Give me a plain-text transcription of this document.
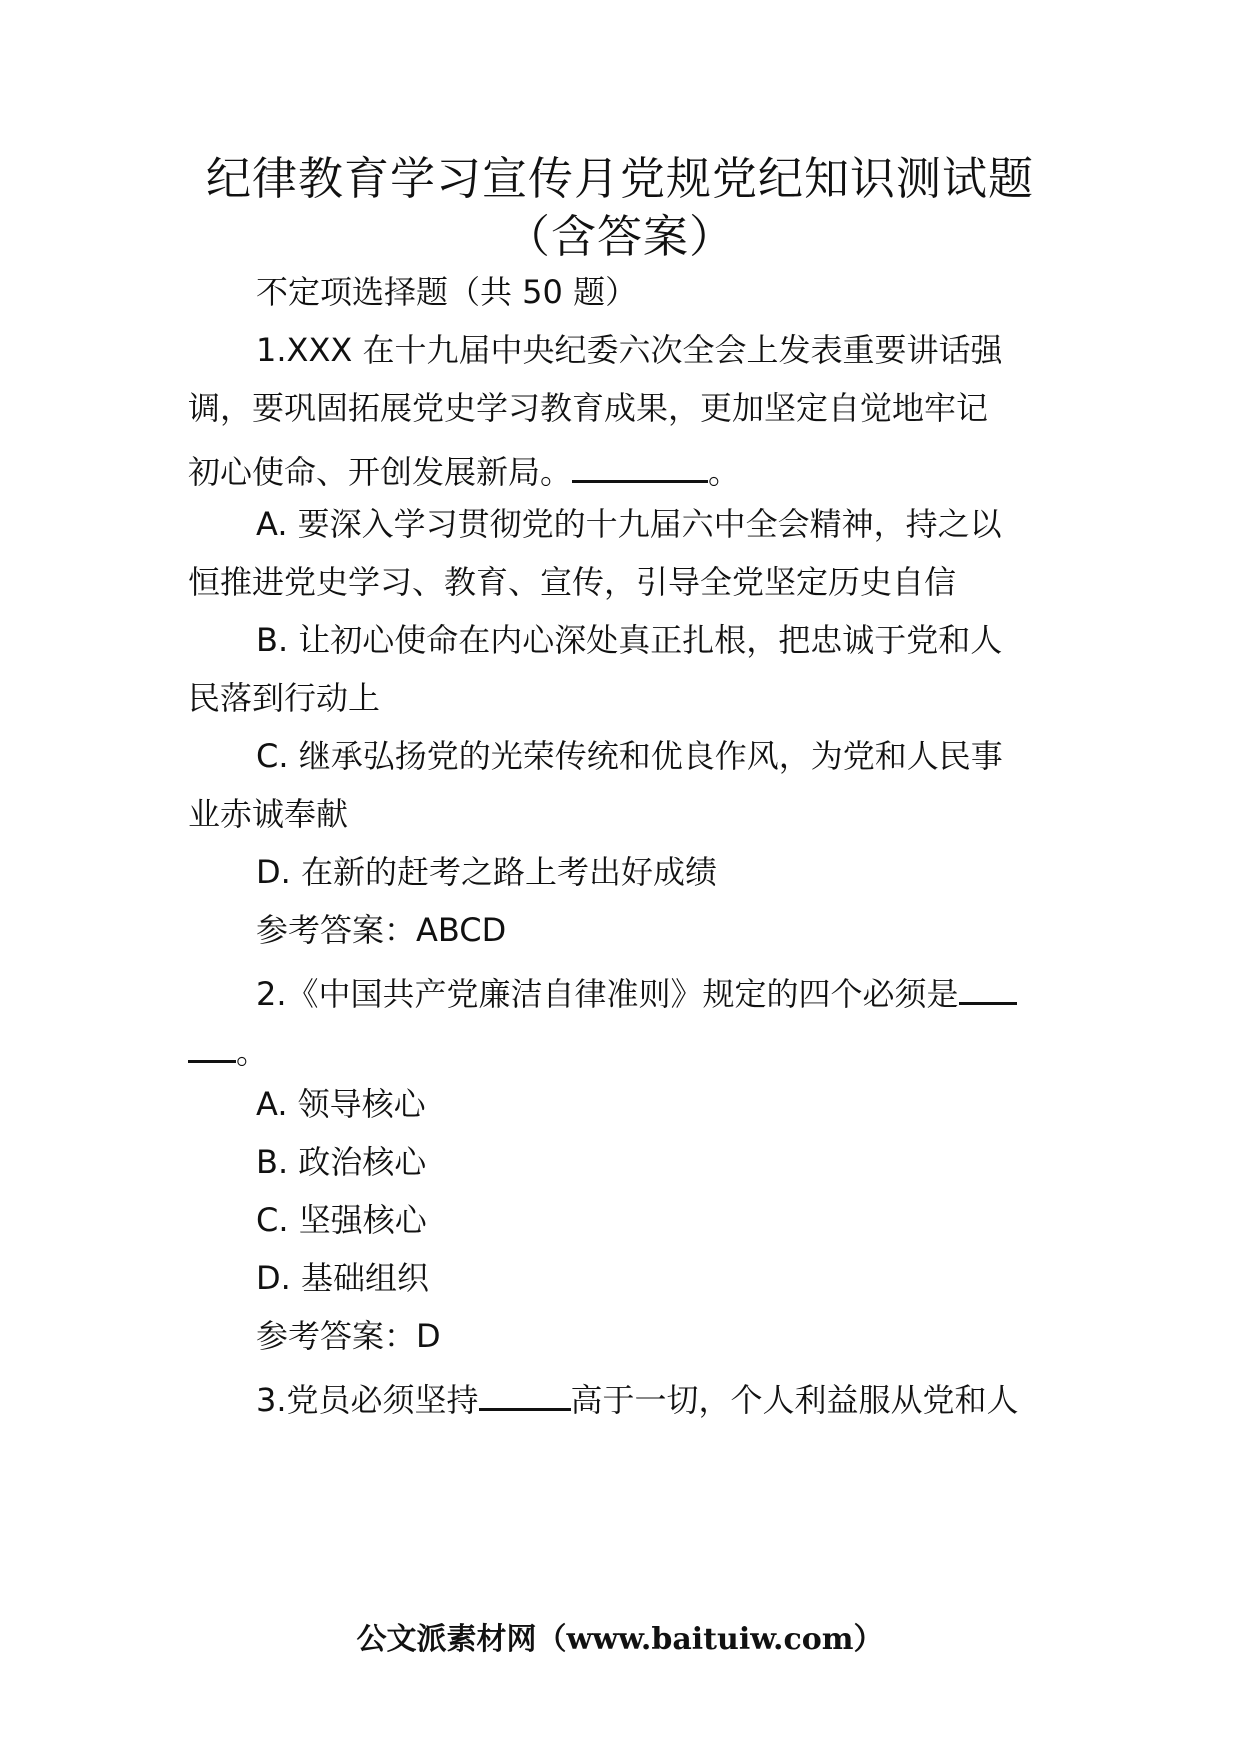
纪律教育学习宣传月党规党纪知识测试题
（含答案）
不定项选择题（共 50 题）
1.XXX 在十九届中央纪委六次全会上发表重要讲话强
调，要巩固拓展党史学习教育成果，更加坚定自觉地牢记
初心使命、开创发展新局。	。
A. 要深入学习贯彻党的十九届六中全会精神，持之以
恒推进党史学习、教育、宣传，引导全党坚定历史自信
B. 让初心使命在内心深处真正扎根，把忠诚于党和人
民落到行动上
C. 继承弘扬党的光荣传统和优良作风，为党和人民事
业赤诚奉献
D. 在新的赶考之路上考出好成绩
参考答案：ABCD
2.《中国共产党廉洁自律准则》规定的四个必须是
。
A. 领导核心
B. 政治核心
C. 坚强核心
D. 基础组织
参考答案：D
3.党员必须坚持	高于一切，个人利益服从党和人
公文派素材网（www.baituiw.com）
